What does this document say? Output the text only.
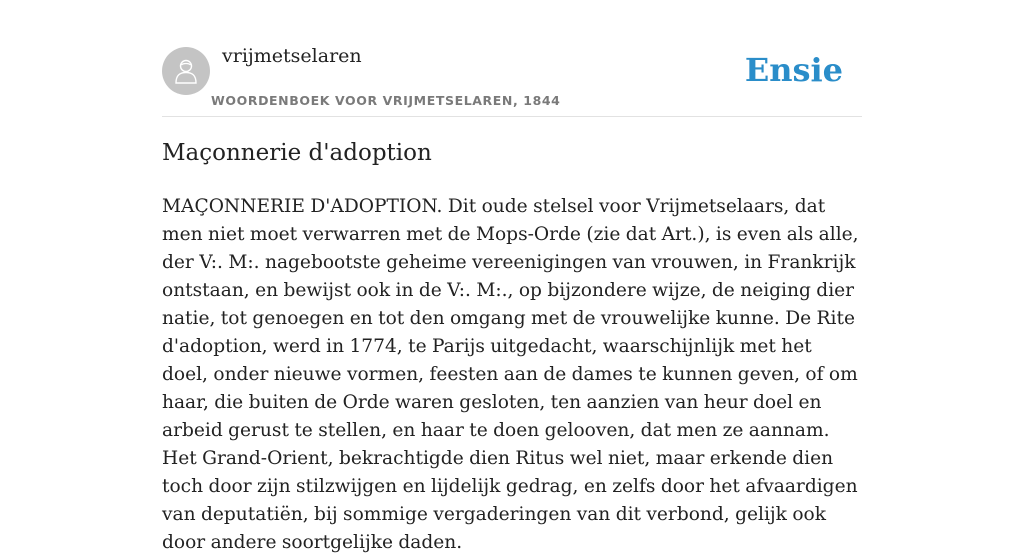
vrijmetselaren
WOORDENBOEK VOOR VRIJMETSELAREN, 1844
Ensie
Maçonnerie d'adoption

MAÇONNERIE D'ADOPTION. Dit oude stelsel voor Vrijmetselaars, dat men niet moet verwarren met de Mops-Orde (zie dat Art.), is even als alle, der V:. M:. nagebootste geheime vereenigingen van vrouwen, in Frankrijk ontstaan, en bewijst ook in de V:. M:., op bijzondere wijze, de neiging dier natie, tot genoegen en tot den omgang met de vrouwelijke kunne. De Rite d'adoption, werd in 1774, te Parijs uitgedacht, waarschijnlijk met het doel, onder nieuwe vormen, feesten aan de dames te kunnen geven, of om haar, die buiten de Orde waren gesloten, ten aanzien van heur doel en arbeid gerust te stellen, en haar te doen gelooven, dat men ze aannam. Het Grand-Orient, bekrachtigde dien Ritus wel niet, maar erkende dien toch door zijn stilzwijgen en lijdelijk gedrag, en zelfs door het afvaardigen van deputatiën, bij sommige vergaderingen van dit verbond, gelijk ook door andere soortgelijke daden.
